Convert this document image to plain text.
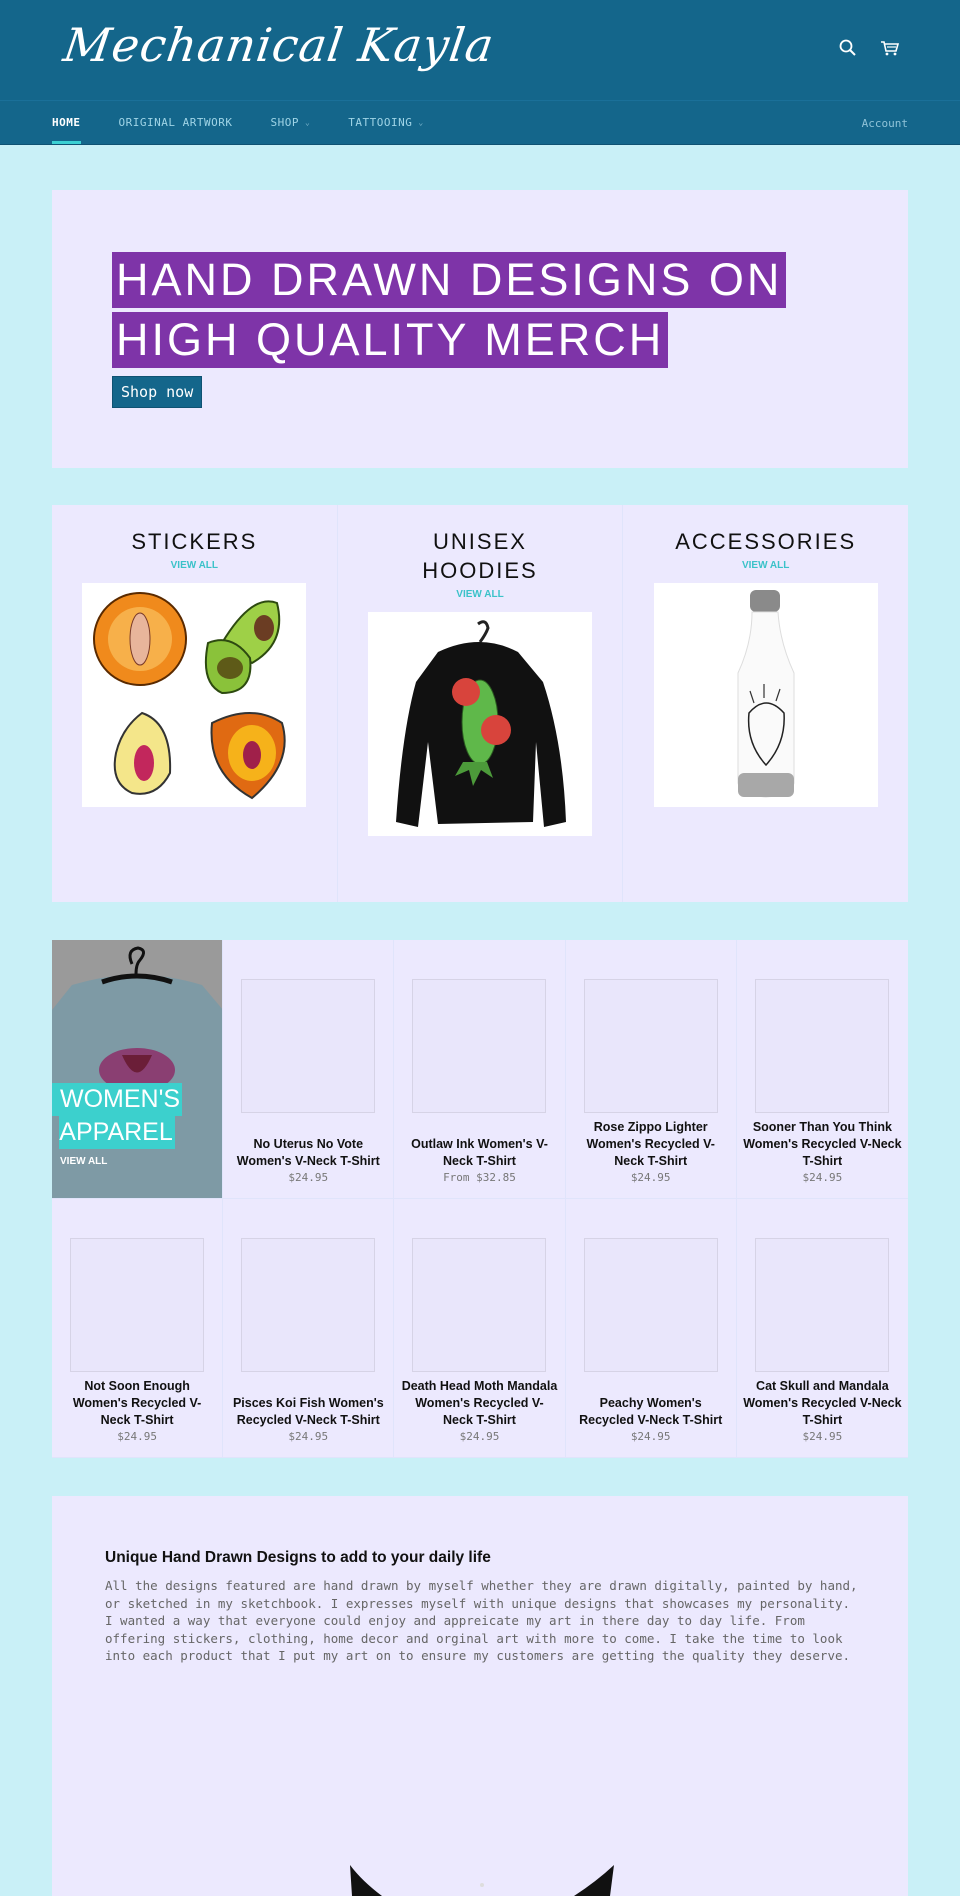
Mechanical Kayla
HOME	ORIGINAL ARTWORK	SHOP ⌄	TATTOOING ⌄	Account
HAND DRAWN DESIGNS ON
HIGH QUALITY MERCH
Shop now
STICKERS
VIEW ALL
UNISEX HOODIES
VIEW ALL
ACCESSORIES
VIEW ALL
WOMEN'S
APPAREL
VIEW ALL
No Uterus No Vote Women's V-Neck T-Shirt
$24.95
Outlaw Ink Women's V-Neck T-Shirt
From $32.85
Rose Zippo Lighter Women's Recycled V-Neck T-Shirt
$24.95
Sooner Than You Think Women's Recycled V-Neck T-Shirt
$24.95
Not Soon Enough Women's Recycled V-Neck T-Shirt
$24.95
Pisces Koi Fish Women's Recycled V-Neck T-Shirt
$24.95
Death Head Moth Mandala Women's Recycled V-Neck T-Shirt
$24.95
Peachy Women's Recycled V-Neck T-Shirt
$24.95
Cat Skull and Mandala Women's Recycled V-Neck T-Shirt
$24.95
Unique Hand Drawn Designs to add to your daily life

All the designs featured are hand drawn by myself whether they are drawn digitally, painted by hand, or sketched in my sketchbook. I expresses myself with unique designs that showcases my personality. I wanted a way that everyone could enjoy and appreicate my art in there day to day life. From offering stickers, clothing, home decor and orginal art with more to come. I take the time to look into each product that I put my art on to ensure my customers are getting the quality they deserve.
